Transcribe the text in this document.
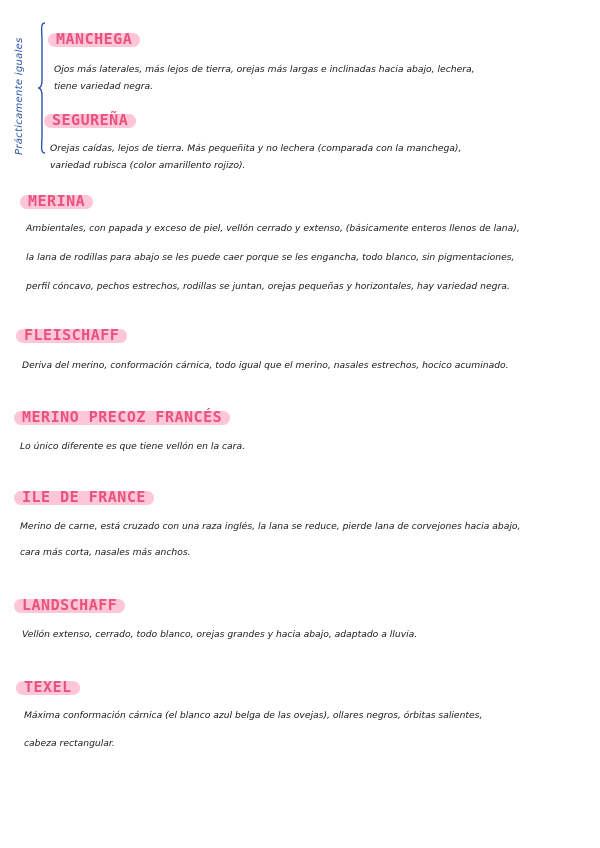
Prácticamente iguales MANCHEGA
Ojos más laterales, más lejos de tierra, orejas más largas e inclinadas hacia abajo, lechera,
tiene variedad negra.
SEGUREÑA
Orejas caídas, lejos de tierra. Más pequeñita y no lechera (comparada con la manchega),
variedad rubisca (color amarillento rojizo).
MERINA
Ambientales, con papada y exceso de piel, vellón cerrado y extenso, (básicamente enteros llenos de lana),
la lana de rodillas para abajo se les puede caer porque se les engancha, todo blanco, sin pigmentaciones,
perfil cóncavo, pechos estrechos, rodillas se juntan, orejas pequeñas y horizontales, hay variedad negra.
FLEISCHAFF
Deriva del merino, conformación cárnica, todo igual que el merino, nasales estrechos, hocico acuminado.
MERINO PRECOZ FRANCÉS
Lo único diferente es que tiene vellón en la cara.
ILE DE FRANCE
Merino de carne, está cruzado con una raza inglés, la lana se reduce, pierde lana de corvejones hacia abajo,
cara más corta, nasales más anchos.
LANDSCHAFF
Vellón extenso, cerrado, todo blanco, orejas grandes y hacia abajo, adaptado a lluvia.
TEXEL
Máxima conformación cárnica (el blanco azul belga de las ovejas), ollares negros, órbitas salientes,
cabeza rectangular.
